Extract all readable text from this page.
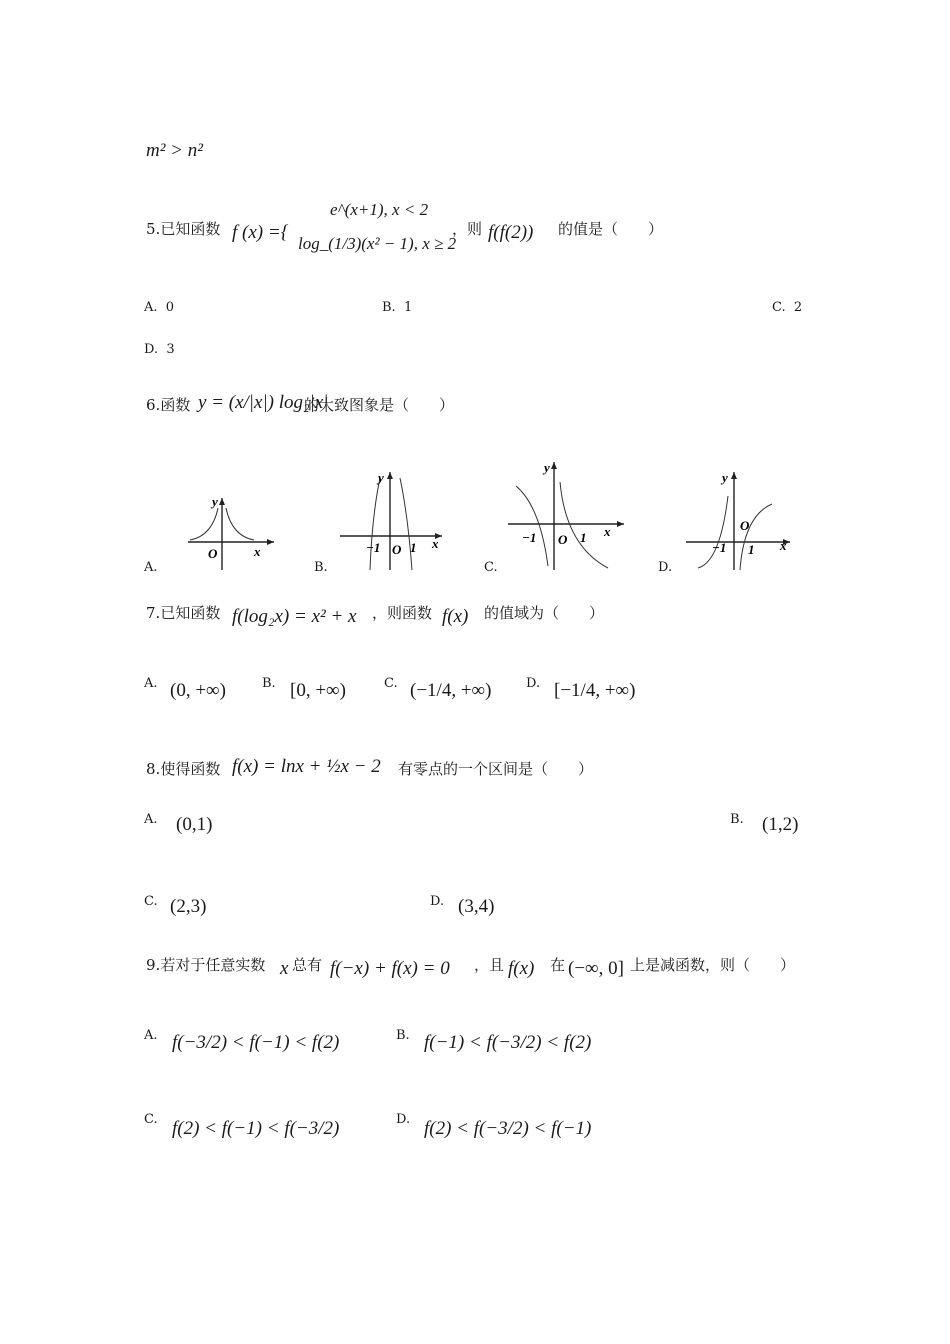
m² > n²
5.已知函数 f (x) ={
e^(x+1), x < 2
log_(1/3)(x² − 1), x ≥ 2
，则 f(f(2)) 的值是（　　）
A. 0	B. 1	C. 2
D. 3
6.函数 y = (x/|x|) log₂|x|
的大致图象是（　　）
A.
y
O	x
B.
y
−1 O 1 x
C.
y
−1 O 1 x
D.
y
O
−1 1 x
7.已知函数 f(log₂x) = x² + x ，则函数 f(x) 的值域为（　　）
A. (0, +∞)	B. [0, +∞)	C. (−1/4, +∞)	D. [−1/4, +∞)
8.使得函数 f(x) = lnx + ½x − 2 有零点的一个区间是（　　）
A. (0,1)	B. (1,2)
C. (2,3)	D. (3,4)
9.若对于任意实数 x 总有 f(−x) + f(x) = 0 ，且 f(x) 在 (−∞, 0] 上是减函数，则（　　）
A. f(−3/2) < f(−1) < f(2)	B. f(−1) < f(−3/2) < f(2)
C. f(2) < f(−1) < f(−3/2)	D. f(2) < f(−3/2) < f(−1)
